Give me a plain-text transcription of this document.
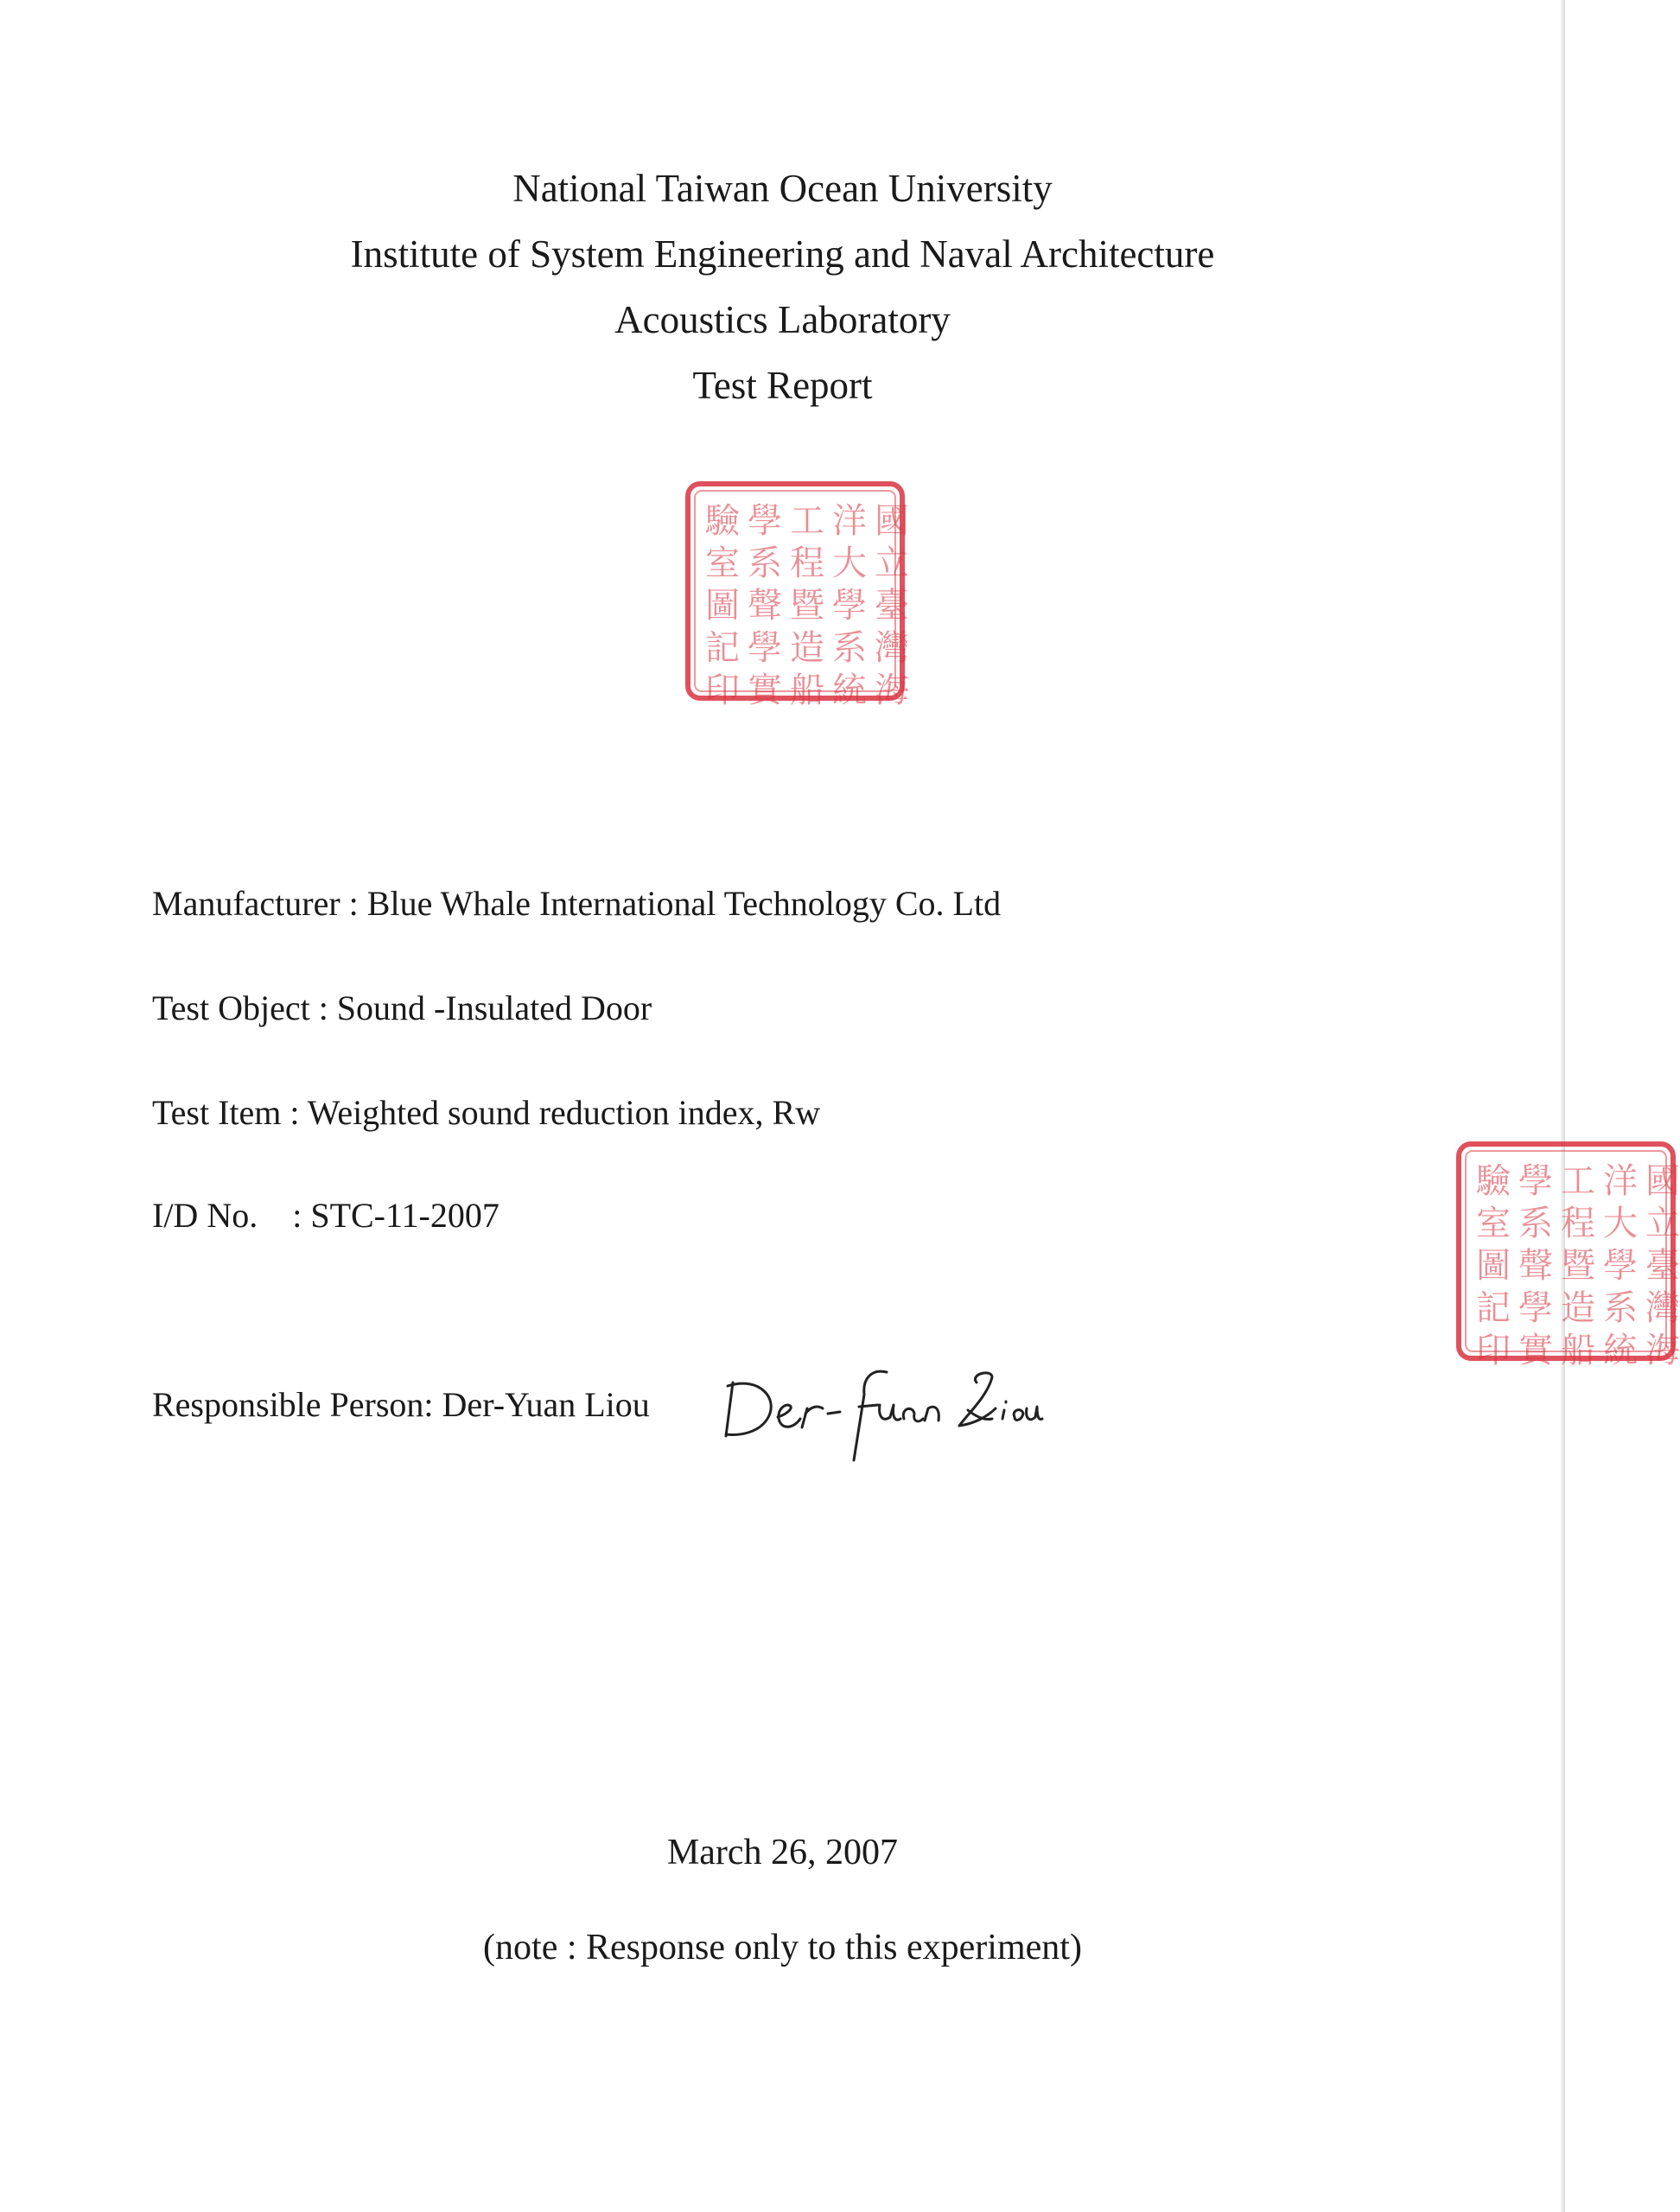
National Taiwan Ocean University

Institute of System Engineering and Naval Architecture

Acoustics Laboratory

Test Report

驗
室
圖
記
印
學
系
聲
學
實
工
程
暨
造
船
洋
大
學
系
統
國
立
臺
灣
海
驗
室
圖
記
印
學
系
聲
學
實
工
程
暨
造
船
洋
大
學
系
統
國
立
臺
灣
海

Manufacturer : Blue Whale International Technology Co. Ltd

Test Object : Sound -Insulated Door

Test Item : Weighted sound reduction index, Rw

I/D No.    : STC-11-2007

Responsible Person: Der-Yuan Liou

March 26, 2007

(note : Response only to this experiment)
